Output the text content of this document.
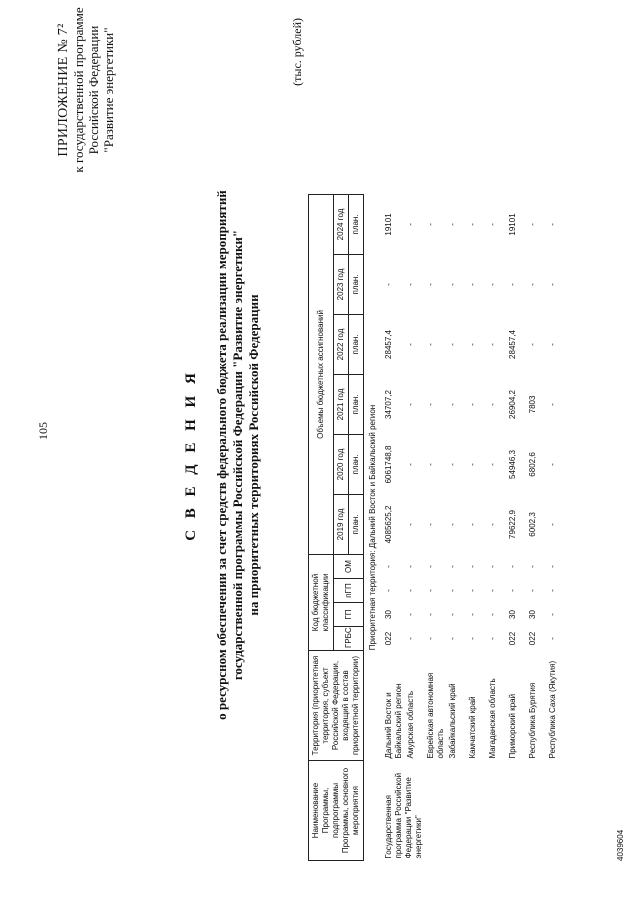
105
ПРИЛОЖЕНИЕ № 7² к государственной программе Российской Федерации "Развитие энергетики"
С В Е Д Е Н И Я о ресурсном обеспечении за счет средств федерального бюджета реализации мероприятий государственной программы Российской Федерации "Развитие энергетики" на приоритетных территориях Российской Федерации
(тыс. рублей)
Наименование Программы, подпрограммы Программы, основного мероприятия	Территория (приоритетная территория, субъект Российской Федерации, входящий в состав приоритетной территории)	Код бюджетной классификации				Объемы бюджетных ассигнований						
		ГРБС	ГП	пГП	ОМ	2019 год	2020 год	2021 год	2022 год	2023 год	2024 год	
						план.	план.	план.	план.	план.	план.	
Приоритетная территория: Дальний Восток и Байкальский регион												
Государственная программа Российской Федерации "Развитие энергетики"	Дальний Восток и Байкальский регион	022	30	-	-	4085625,2	6061748,8	34707,2	28457,4	-	19101	
	Амурская область	-	-	-	-	-	-	-	-	-	-	
	Еврейская автономная область	-	-	-	-	-	-	-	-	-	-	
	Забайкальский край	-	-	-	-	-	-	-	-	-	-	
	Камчатский край	-	-	-	-	-	-	-	-	-	-	
	Магаданская область	-	-	-	-	-	-	-	-	-	-	
	Приморский край	022	30	-	-	79622,9	54946,3	26904,2	28457,4	-	19101	
	Республика Бурятия	022	30	-	-	6002,3	6802,6	7803	-	-	-	
	Республика Саха (Якутия)	-	-	-	-	-	-	-	-	-	-	
4039604
